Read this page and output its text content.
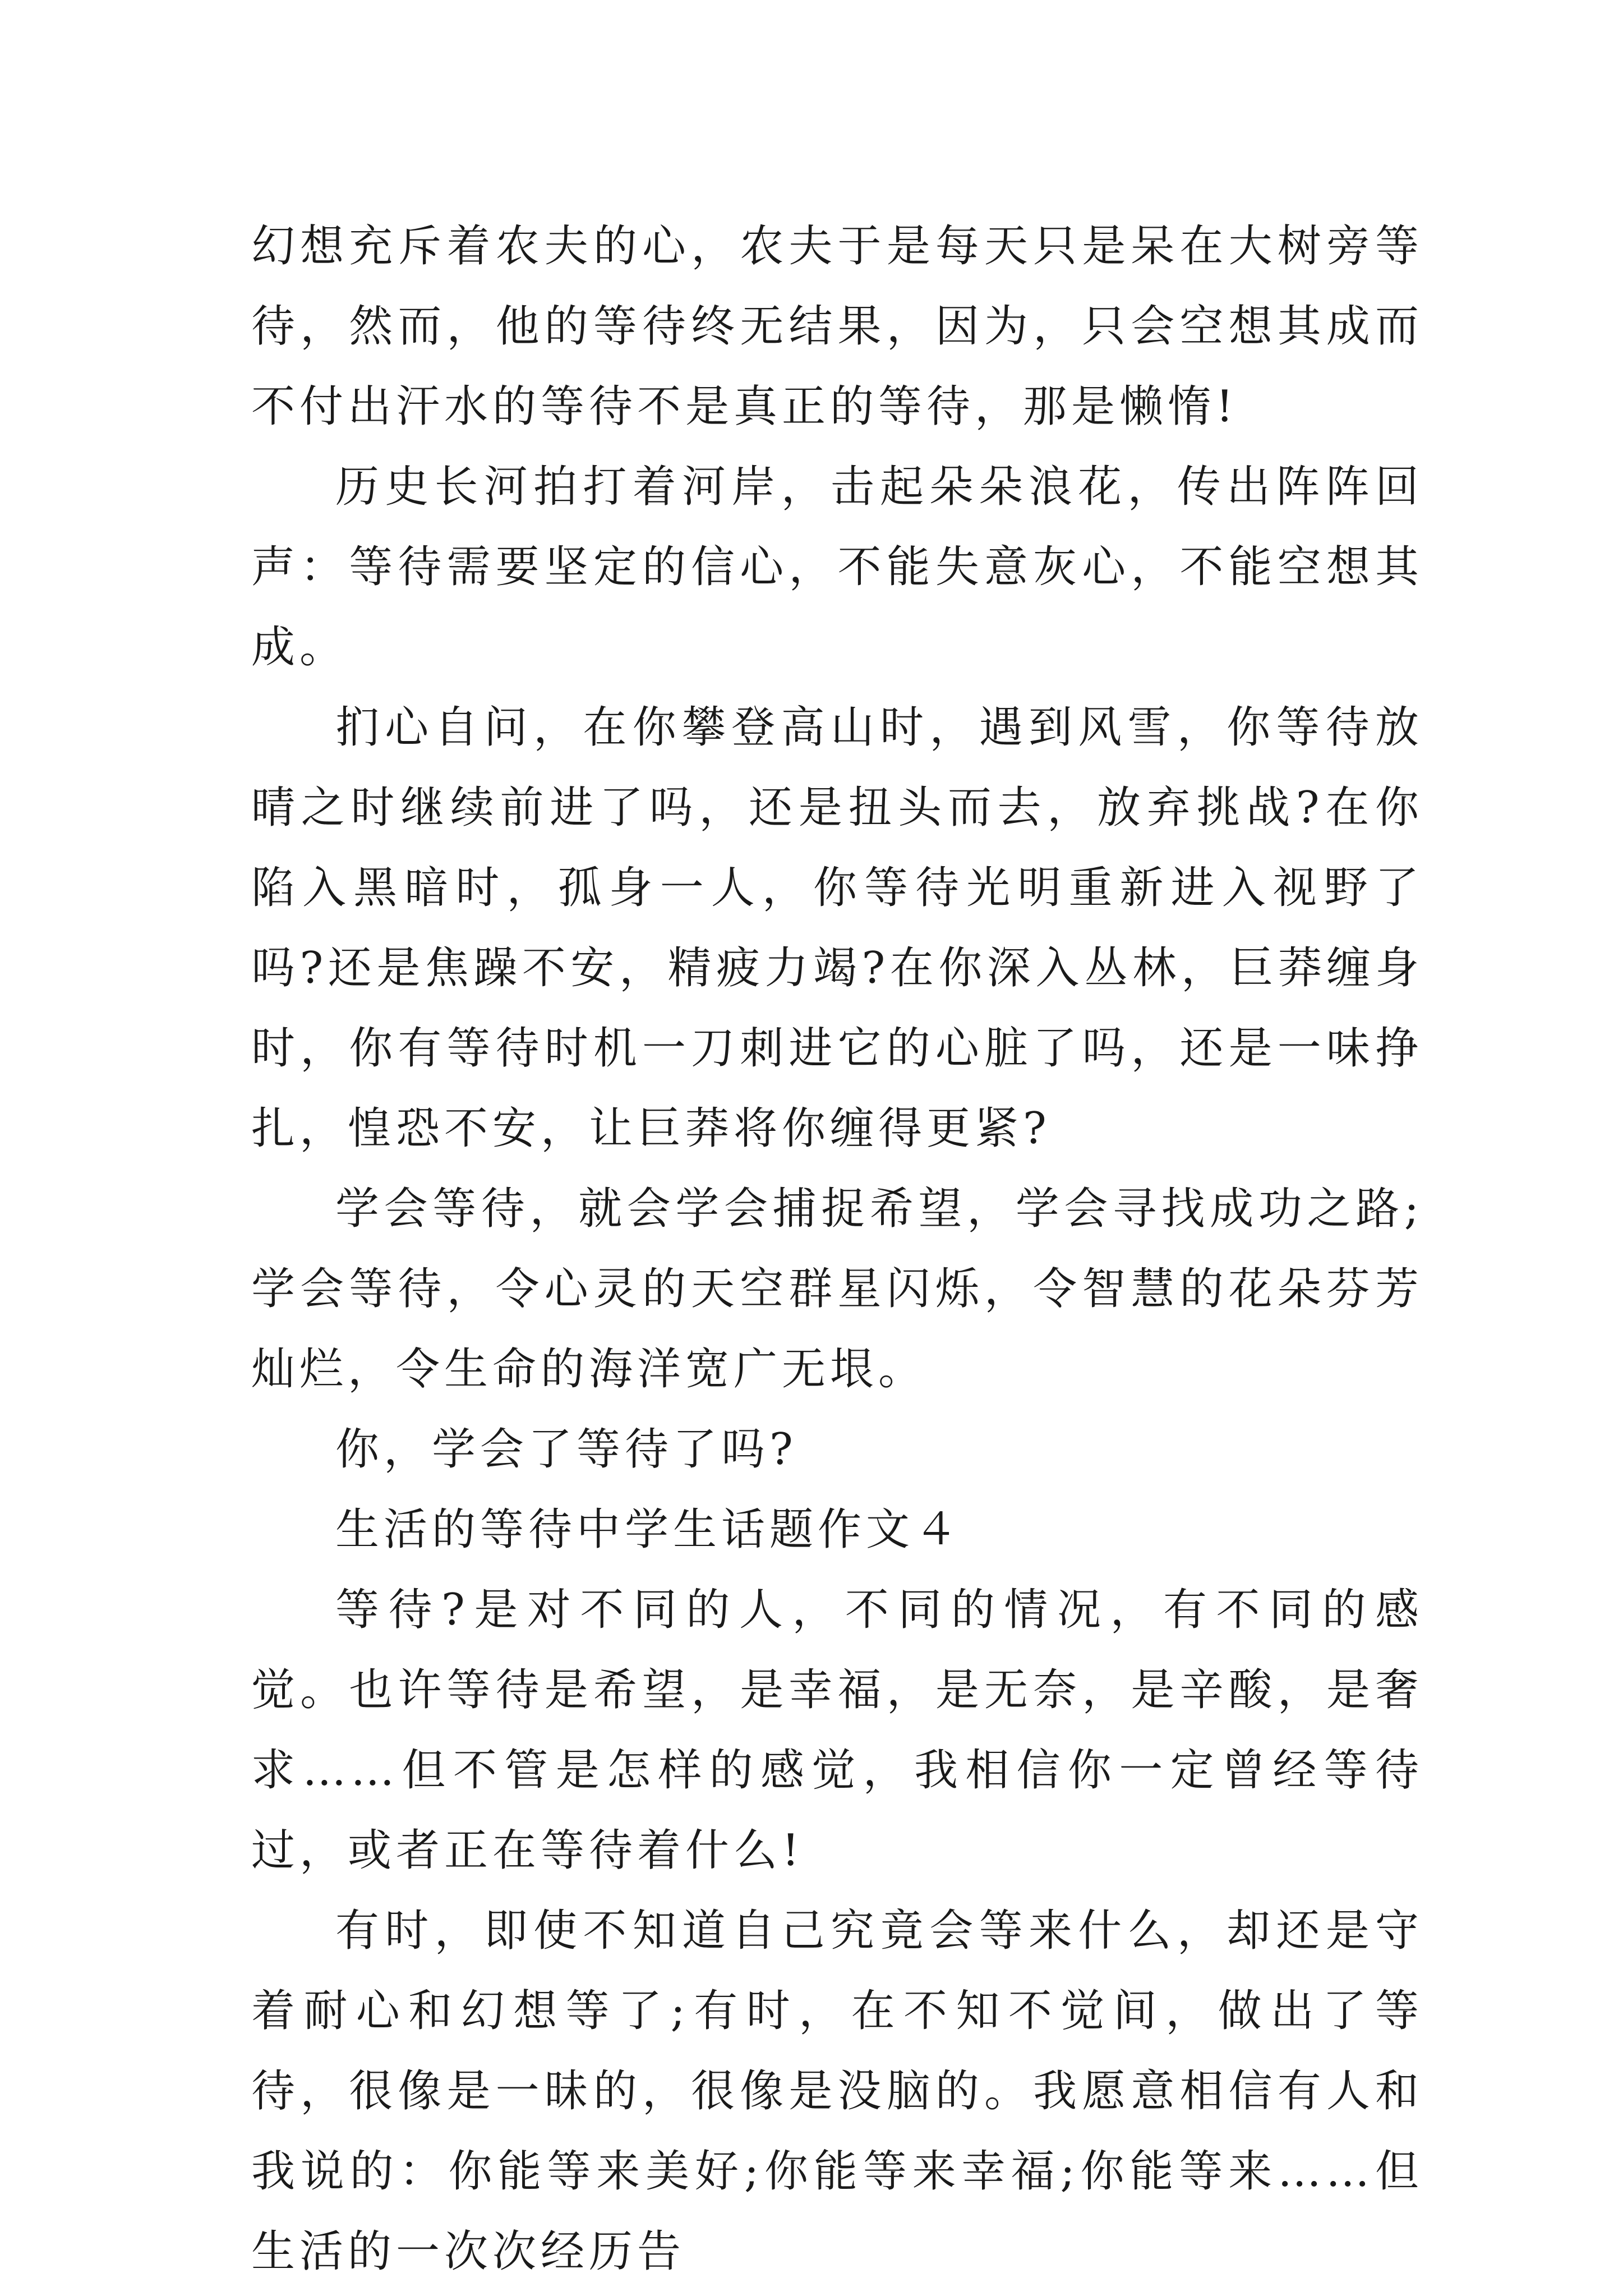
幻想充斥着农夫的心，农夫于是每天只是呆在大树旁等待，然而，他的等待终无结果，因为，只会空想其成而不付出汗水的等待不是真正的等待，那是懒惰!

历史长河拍打着河岸，击起朵朵浪花，传出阵阵回声：等待需要坚定的信心，不能失意灰心，不能空想其成。

扪心自问，在你攀登高山时，遇到风雪，你等待放晴之时继续前进了吗，还是扭头而去，放弃挑战?在你陷入黑暗时，孤身一人，你等待光明重新进入视野了吗?还是焦躁不安，精疲力竭?在你深入丛林，巨莽缠身时，你有等待时机一刀刺进它的心脏了吗，还是一味挣扎，惶恐不安，让巨莽将你缠得更紧?

学会等待，就会学会捕捉希望，学会寻找成功之路;学会等待，令心灵的天空群星闪烁，令智慧的花朵芬芳灿烂，令生命的海洋宽广无垠。

你，学会了等待了吗?

生活的等待中学生话题作文４

等待?是对不同的人，不同的情况，有不同的感觉。也许等待是希望，是幸福，是无奈，是辛酸，是奢求……但不管是怎样的感觉，我相信你一定曾经等待过，或者正在等待着什么!

有时，即使不知道自己究竟会等来什么，却还是守着耐心和幻想等了;有时，在不知不觉间，做出了等待，很像是一昧的，很像是没脑的。我愿意相信有人和我说的：你能等来美好;你能等来幸福;你能等来……但生活的一次次经历告
